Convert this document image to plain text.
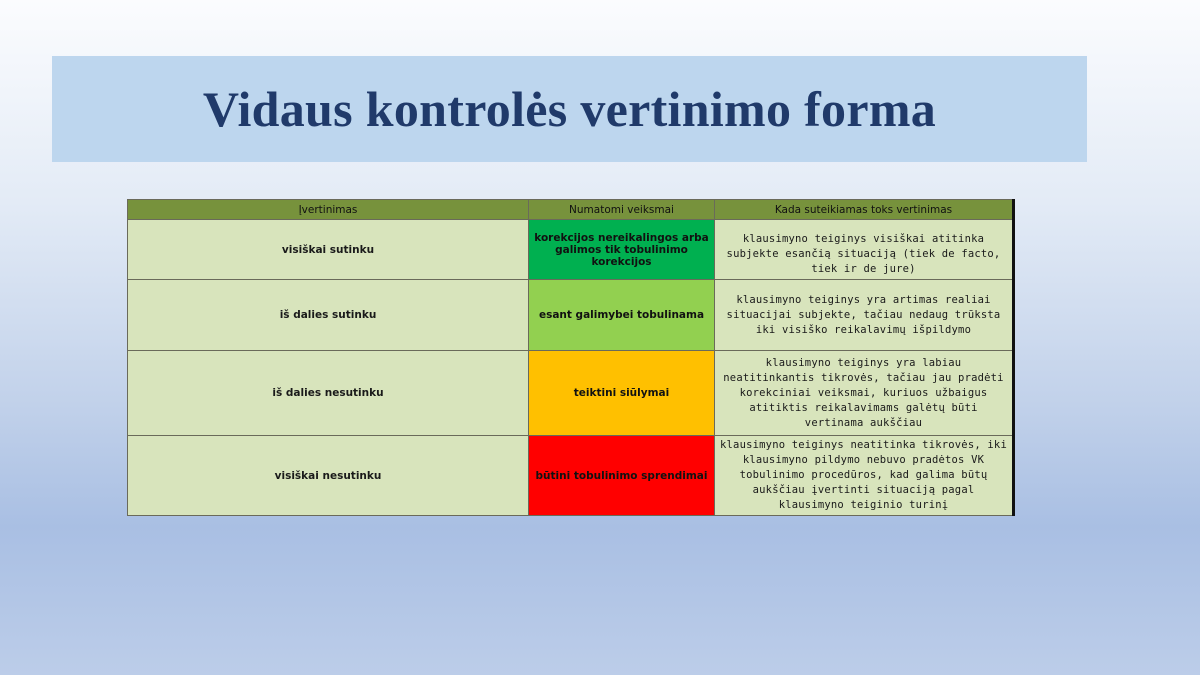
Vidaus kontrolės vertinimo forma
Įvertinimas	Numatomi veiksmai	Kada suteikiamas toks vertinimas
visiškai sutinku	korekcijos nereikalingos arba galimos tik tobulinimo korekcijos	klausimyno teiginys visiškai atitinka subjekte esančią situaciją (tiek de facto, tiek ir de jure)
iš dalies sutinku	esant galimybei tobulinama	klausimyno teiginys yra artimas realiai situacijai subjekte, tačiau nedaug trūksta iki visiško reikalavimų išpildymo
iš dalies nesutinku	teiktini siūlymai	klausimyno teiginys yra labiau neatitinkantis tikrovės, tačiau jau pradėti korekciniai veiksmai, kuriuos užbaigus atitiktis reikalavimams galėtų būti vertinama aukščiau
visiškai nesutinku	būtini tobulinimo sprendimai	klausimyno teiginys neatitinka tikrovės, iki klausimyno pildymo nebuvo pradėtos VK tobulinimo procedūros, kad galima būtų aukščiau įvertinti situaciją pagal klausimyno teiginio turinį
